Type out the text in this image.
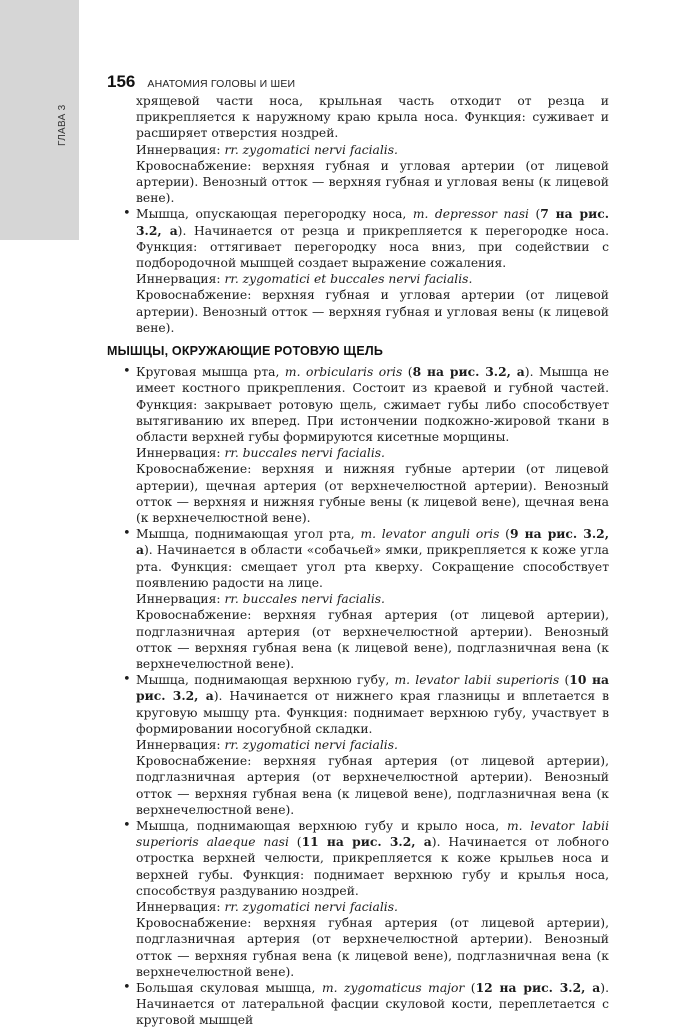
ГЛАВА 3
156 АНАТОМИЯ ГОЛОВЫ И ШЕИ

хрящевой части носа, крыльная часть отходит от резца и прикрепляется к наружному краю крыла носа. Функция: суживает и расширяет отверстия ноздрей.

Иннервация: rr. zygomatici nervi facialis.

Кровоснабжение: верхняя губная и угловая артерии (от лицевой артерии). Венозный отток — верхняя губная и угловая вены (к лицевой вене).

• Мышца, опускающая перегородку носа, m. depressor nasi (7 на рис. 3.2, а). Начинается от резца и прикрепляется к перегородке носа. Функция: оттягивает перегородку носа вниз, при содействии с подбородочной мышцей создает выражение сожаления.

Иннервация: rr. zygomatici et buccales nervi facialis.

Кровоснабжение: верхняя губная и угловая артерии (от лицевой артерии). Венозный отток — верхняя губная и угловая вены (к лицевой вене).

МЫШЦЫ, ОКРУЖАЮЩИЕ РОТОВУЮ ЩЕЛЬ

• Круговая мышца рта, m. orbicularis oris (8 на рис. 3.2, а). Мышца не имеет костного прикрепления. Состоит из краевой и губной частей. Функция: закрывает ротовую щель, сжимает губы либо способствует вытягиванию их вперед. При истончении подкожно-жировой ткани в области верхней губы формируются кисетные морщины.

Иннервация: rr. buccales nervi facialis.

Кровоснабжение: верхняя и нижняя губные артерии (от лицевой артерии), щечная артерия (от верхнечелюстной артерии). Венозный отток — верхняя и нижняя губные вены (к лицевой вене), щечная вена (к верхнечелюстной вене).

• Мышца, поднимающая угол рта, m. levator anguli oris (9 на рис. 3.2, а). Начинается в области «собачьей» ямки, прикрепляется к коже угла рта. Функция: смещает угол рта кверху. Сокращение способствует появлению радости на лице.

Иннервация: rr. buccales nervi facialis.

Кровоснабжение: верхняя губная артерия (от лицевой артерии), подглазничная артерия (от верхнечелюстной артерии). Венозный отток — верхняя губная вена (к лицевой вене), подглазничная вена (к верхнечелюстной вене).

• Мышца, поднимающая верхнюю губу, m. levator labii superioris (10 на рис. 3.2, а). Начинается от нижнего края глазницы и вплетается в круговую мышцу рта. Функция: поднимает верхнюю губу, участвует в формировании носогубной складки.

Иннервация: rr. zygomatici nervi facialis.

Кровоснабжение: верхняя губная артерия (от лицевой артерии), подглазничная артерия (от верхнечелюстной артерии). Венозный отток — верхняя губная вена (к лицевой вене), подглазничная вена (к верхнечелюстной вене).

• Мышца, поднимающая верхнюю губу и крыло носа, m. levator labii superioris alaeque nasi (11 на рис. 3.2, а). Начинается от лобного отростка верхней челюсти, прикрепляется к коже крыльев носа и верхней губы. Функция: поднимает верхнюю губу и крылья носа, способствуя раздуванию ноздрей.

Иннервация: rr. zygomatici nervi facialis.

Кровоснабжение: верхняя губная артерия (от лицевой артерии), подглазничная артерия (от верхнечелюстной артерии). Венозный отток — верхняя губная вена (к лицевой вене), подглазничная вена (к верхнечелюстной вене).

• Большая скуловая мышца, m. zygomaticus major (12 на рис. 3.2, а). Начинается от латеральной фасции скуловой кости, переплетается с круговой мышцей
